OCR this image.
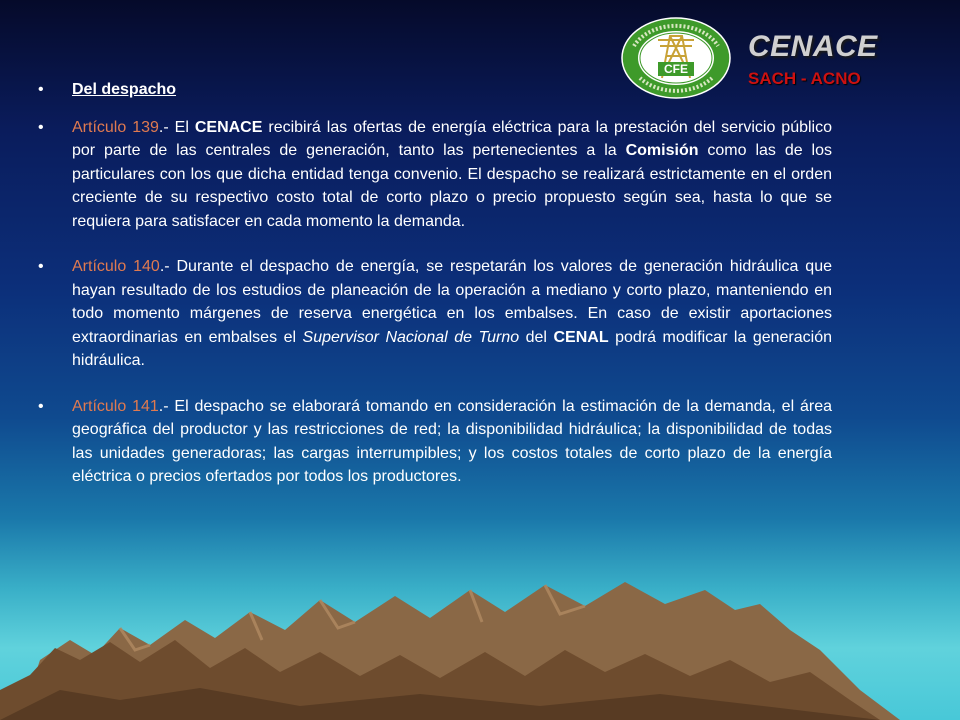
CFE
CENACE
SACH - ACNO
• Del despacho
• Artículo 139.- El CENACE recibirá las ofertas de energía eléctrica para la prestación del servicio público por parte de las centrales de generación, tanto las pertenecientes a la Comisión como las de los particulares con los que dicha entidad tenga convenio. El despacho se realizará estrictamente en el orden creciente de su respectivo costo total de corto plazo o precio propuesto según sea, hasta lo que se requiera para satisfacer en cada momento la demanda.
• Artículo 140.- Durante el despacho de energía, se respetarán los valores de generación hidráulica que hayan resultado de los estudios de planeación de la operación a mediano y corto plazo, manteniendo en todo momento márgenes de reserva energética en los embalses. En caso de existir aportaciones extraordinarias en embalses el Supervisor Nacional de Turno del CENAL podrá modificar la generación hidráulica.
• Artículo 141.- El despacho se elaborará tomando en consideración la estimación de la demanda, el área geográfica del productor y las restricciones de red; la disponibilidad hidráulica; la disponibilidad de todas las unidades generadoras; las cargas interrumpibles; y los costos totales de corto plazo de la energía eléctrica o precios ofertados por todos los productores.
